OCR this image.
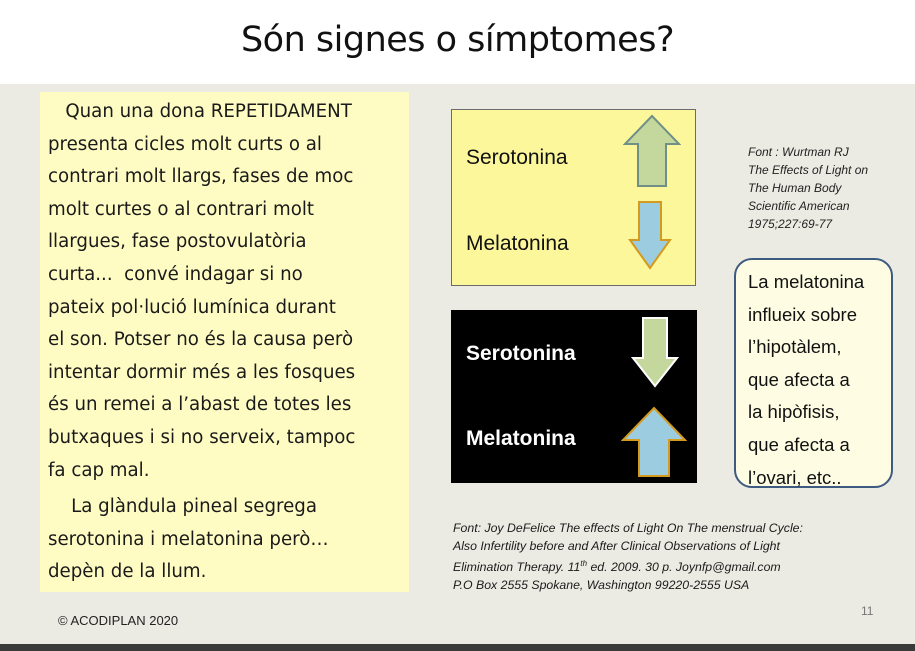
Són signes o símptomes?

Quan una dona REPETIDAMENT
presenta cicles molt curts o al
contrari molt llargs, fases de moc
molt curtes o al contrari molt
llargues, fase postovulatòria
curta...  convé indagar si no
pateix pol·lució lumínica durant
el son. Potser no és la causa però
intentar dormir més a les fosques
és un remei a l’abast de totes les
butxaques i si no serveix, tampoc
fa cap mal.

La glàndula pineal segrega
serotonina i melatonina però…
depèn de la llum.

Serotonina
Melatonina
Serotonina
Melatonina
Font : Wurtman RJ
The Effects of Light on
The Human Body
Scientific American
1975;227:69-77

La melatonina
influeix sobre
l’hipotàlem,
que afecta a
la hipòfisis,
que afecta a
l’ovari, etc..

Font: Joy DeFelice The effects of Light On The menstrual Cycle:
Also Infertility before and After Clinical Observations of Light
Elimination Therapy. 11th ed. 2009. 30 p. Joynfp@gmail.com
P.O Box 2555 Spokane, Washington 99220-2555 USA
© ACODIPLAN 2020
11
